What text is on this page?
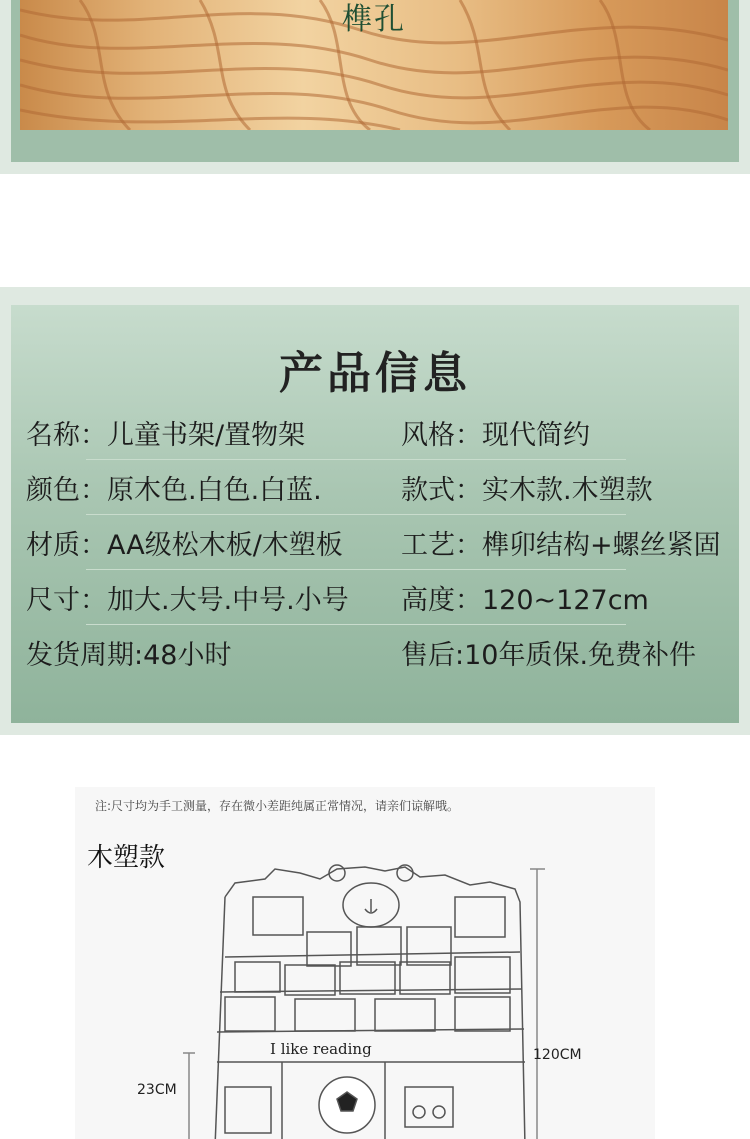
榫孔
产品信息
名称：儿童书架/置物架	风格：现代简约
颜色：原木色.白色.白蓝.	款式：实木款.木塑款
材质：AA级松木板/木塑板 工艺：榫卯结构+螺丝紧固
尺寸：加大.大号.中号.小号 高度：120~127cm
发货周期:48小时	售后:10年质保.免费补件
注:尺寸均为手工测量，存在微小差距纯属正常情况，请亲们谅解哦。
木塑款
I like reading	120CM
23CM
